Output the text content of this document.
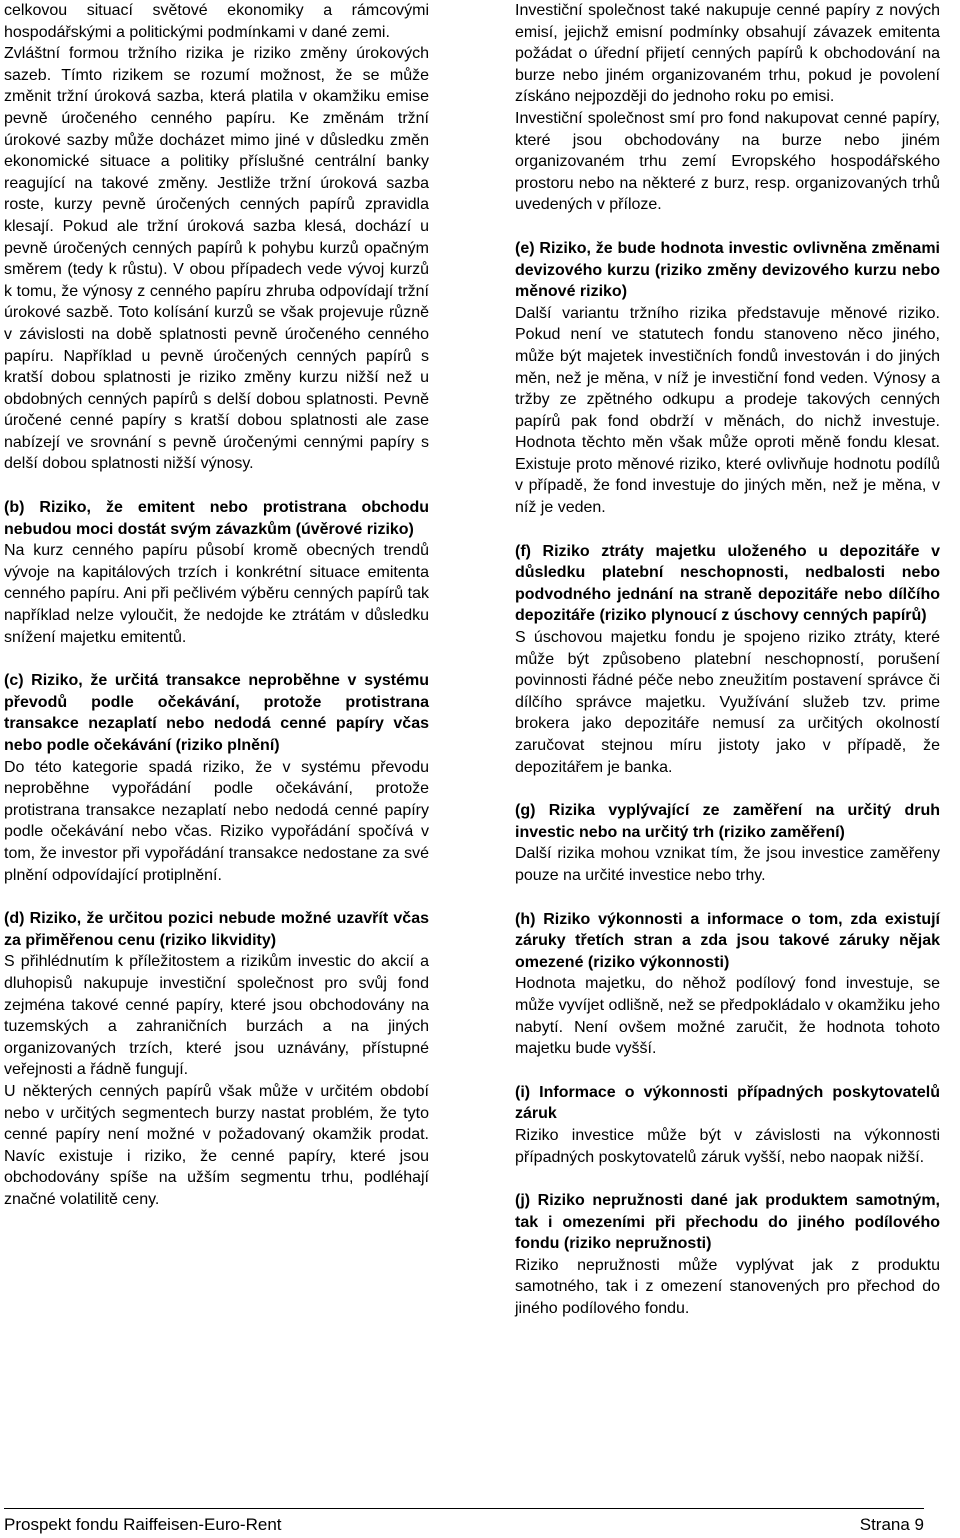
celkovou situací světové ekonomiky a rámcovými hospodářskými a politickými podmínkami v dané zemi.

Zvláštní formou tržního rizika je riziko změny úrokových sazeb. Tímto rizikem se rozumí možnost, že se může změnit tržní úroková sazba, která platila v okamžiku emise pevně úročeného cenného papíru. Ke změnám tržní úrokové sazby může docházet mimo jiné v důsledku změn ekonomické situace a politiky příslušné centrální banky reagující na takové změny. Jestliže tržní úroková sazba roste, kurzy pevně úročených cenných papírů zpravidla klesají. Pokud ale tržní úroková sazba klesá, dochází u pevně úročených cenných papírů k pohybu kurzů opačným směrem (tedy k růstu). V obou případech vede vývoj kurzů k tomu, že výnosy z cenného papíru zhruba odpovídají tržní úrokové sazbě. Toto kolísání kurzů se však projevuje různě v závislosti na době splatnosti pevně úročeného cenného papíru. Například u pevně úročených cenných papírů s kratší dobou splatnosti je riziko změny kurzu nižší než u obdobných cenných papírů s delší dobou splatnosti. Pevně úročené cenné papíry s kratší dobou splatnosti ale zase nabízejí ve srovnání s pevně úročenými cennými papíry s delší dobou splatnosti nižší výnosy.

(b) Riziko, že emitent nebo protistrana obchodu nebudou moci dostát svým závazkům (úvěrové riziko)

Na kurz cenného papíru působí kromě obecných trendů vývoje na kapitálových trzích i konkrétní situace emitenta cenného papíru. Ani při pečlivém výběru cenných papírů tak například nelze vyloučit, že nedojde ke ztrátám v důsledku snížení majetku emitentů.

(c) Riziko, že určitá transakce neproběhne v systému převodů podle očekávání, protože protistrana transakce nezaplatí nebo nedodá cenné papíry včas nebo podle očekávání (riziko plnění)

Do této kategorie spadá riziko, že v systému převodu neproběhne vypořádání podle očekávání, protože protistrana transakce nezaplatí nebo nedodá cenné papíry podle očekávání nebo včas. Riziko vypořádání spočívá v tom, že investor při vypořádání transakce nedostane za své plnění odpovídající protiplnění.

(d) Riziko, že určitou pozici nebude možné uzavřít včas za přiměřenou cenu (riziko likvidity)

S přihlédnutím k příležitostem a rizikům investic do akcií a dluhopisů nakupuje investiční společnost pro svůj fond zejména takové cenné papíry, které jsou obchodovány na tuzemských a zahraničních burzách a na jiných organizovaných trzích, které jsou uznávány, přístupné veřejnosti a řádně fungují.

U některých cenných papírů však může v určitém období nebo v určitých segmentech burzy nastat problém, že tyto cenné papíry není možné v požadovaný okamžik prodat. Navíc existuje i riziko, že cenné papíry, které jsou obchodovány spíše na užším segmentu trhu, podléhají značné volatilitě ceny.

Investiční společnost také nakupuje cenné papíry z nových emisí, jejichž emisní podmínky obsahují závazek emitenta požádat o úřední přijetí cenných papírů k obchodování na burze nebo jiném organizovaném trhu, pokud je povolení získáno nejpozději do jednoho roku po emisi.

Investiční společnost smí pro fond nakupovat cenné papíry, které jsou obchodovány na burze nebo jiném organizovaném trhu zemí Evropského hospodářského prostoru nebo na některé z burz, resp. organizovaných trhů uvedených v příloze.

(e) Riziko, že bude hodnota investic ovlivněna změnami devizového kurzu (riziko změny devizového kurzu nebo měnové riziko)

Další variantu tržního rizika představuje měnové riziko. Pokud není ve statutech fondu stanoveno něco jiného, může být majetek investičních fondů investován i do jiných měn, než je měna, v níž je investiční fond veden. Výnosy a tržby ze zpětného odkupu a prodeje takových cenných papírů pak fond obdrží v měnách, do nichž investuje. Hodnota těchto měn však může oproti měně fondu klesat. Existuje proto měnové riziko, které ovlivňuje hodnotu podílů v případě, že fond investuje do jiných měn, než je měna, v níž je veden.

(f) Riziko ztráty majetku uloženého u depozitáře v důsledku platební neschopnosti, nedbalosti nebo podvodného jednání na straně depozitáře nebo dílčího depozitáře (riziko plynoucí z úschovy cenných papírů)

S úschovou majetku fondu je spojeno riziko ztráty, které může být způsobeno platební neschopností, porušení povinnosti řádné péče nebo zneužitím postavení správce či dílčího správce majetku. Využívání služeb tzv. prime brokera jako depozitáře nemusí za určitých okolností zaručovat stejnou míru jistoty jako v případě, že depozitářem je banka.

(g) Rizika vyplývající ze zaměření na určitý druh investic nebo na určitý trh (riziko zaměření)

Další rizika mohou vznikat tím, že jsou investice zaměřeny pouze na určité investice nebo trhy.

(h) Riziko výkonnosti a informace o tom, zda existují záruky třetích stran a zda jsou takové záruky nějak omezené (riziko výkonnosti)

Hodnota majetku, do něhož podílový fond investuje, se může vyvíjet odlišně, než se předpokládalo v okamžiku jeho nabytí. Není ovšem možné zaručit, že hodnota tohoto majetku bude vyšší.

(i) Informace o výkonnosti případných poskytovatelů záruk

Riziko investice může být v závislosti na výkonnosti případných poskytovatelů záruk vyšší, nebo naopak nižší.

(j) Riziko nepružnosti dané jak produktem samotným, tak i omezeními při přechodu do jiného podílového fondu (riziko nepružnosti)

Riziko nepružnosti může vyplývat jak z produktu samotného, tak i z omezení stanovených pro přechod do jiného podílového fondu.

Prospekt fondu Raiffeisen-Euro-Rent	Strana 9
